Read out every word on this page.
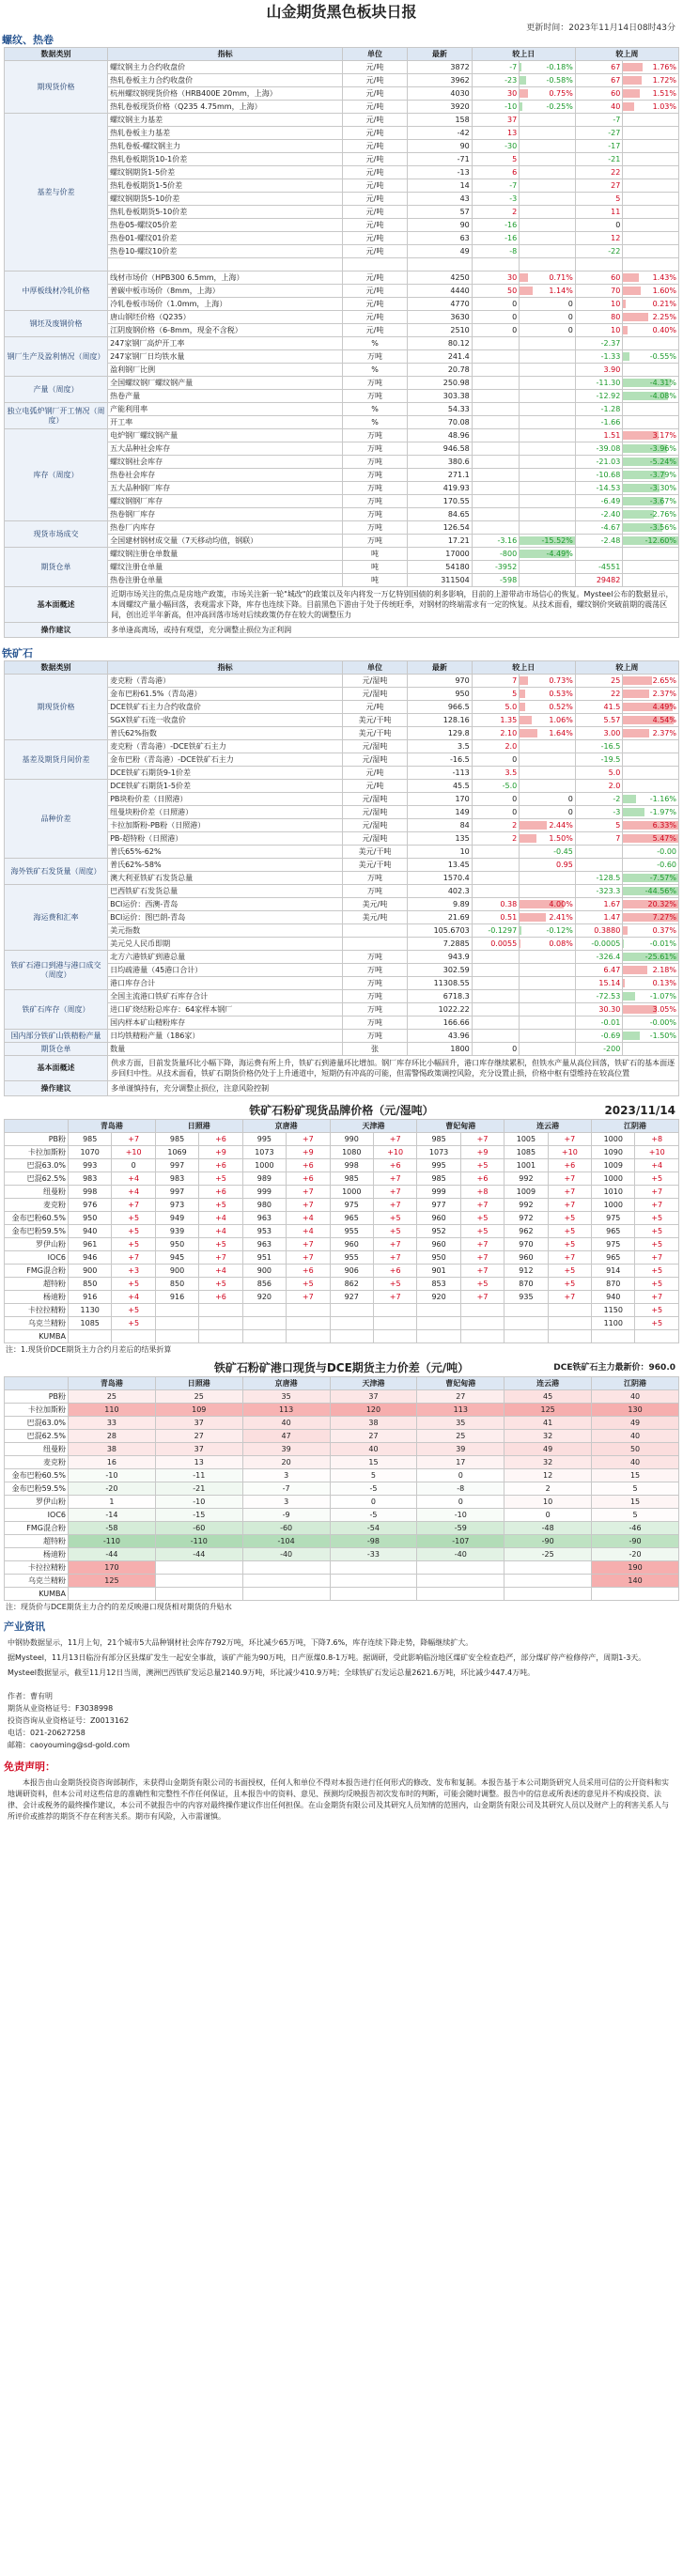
山金期货黑色板块日报
更新时间：2023年11月14日08时43分
螺纹、热卷
数据类别	指标	单位	最新	较上日		较上周	
期现货价格	螺纹钢主力合约收盘价	元/吨	3872	-7	-0.18%	67	1.76%
	热轧卷板主力合约收盘价	元/吨	3962	-23	-0.58%	67	1.72%
	杭州螺纹钢现货价格（HRB400E 20mm，上海）	元/吨	4030	30	0.75%	60	1.51%
	热轧卷板现货价格（Q235 4.75mm，上海）	元/吨	3920	-10	-0.25%	40	1.03%
基差与价差	螺纹钢主力基差	元/吨	158	37		-7	
	热轧卷板主力基差	元/吨	-42	13		-27	
	热轧卷板-螺纹钢主力	元/吨	90	-30		-17	
	热轧卷板期货10-1价差	元/吨	-71	5		-21	
	螺纹钢期货1-5价差	元/吨	-13	6		22	
	热轧卷板期货1-5价差	元/吨	14	-7		27	
	螺纹钢期货5-10价差	元/吨	43	-3		5	
	热轧卷板期货5-10价差	元/吨	57	2		11	
	热卷05-螺纹05价差	元/吨	90	-16		0	
	热卷01-螺纹01价差	元/吨	63	-16		12	
	热卷10-螺纹10价差	元/吨	49	-8		-22	

中厚板线材冷轧价格	线材市场价（HPB300 6.5mm，上海）	元/吨	4250	30	0.71%	60	1.43%
	普碳中板市场价（8mm，上海）	元/吨	4440	50	1.14%	70	1.60%
	冷轧卷板市场价（1.0mm，上海）	元/吨	4770	0	0	10	0.21%
钢坯及废钢价格	唐山钢坯价格（Q235）	元/吨	3630	0	0	80	2.25%
	江阴废钢价格（6-8mm，现金不含税）	元/吨	2510	0	0	10	0.40%
钢厂生产及盈利情况（周度）	247家钢厂高炉开工率	%	80.12			-2.37	
	247家钢厂日均铁水量	万吨	241.4			-1.33	-0.55%
	盈利钢厂比例	%	20.78			3.90	
产量（周度）	全国螺纹钢厂螺纹钢产量	万吨	250.98			-11.30	-4.31%
	热卷产量	万吨	303.38			-12.92	-4.08%
独立电弧炉钢厂开工情况（周度）	产能利用率	%	54.33			-1.28	
	开工率	%	70.08			-1.66	
库存（周度）	电炉钢厂螺纹钢产量	万吨	48.96			1.51	3.17%
	五大品种社会库存	万吨	946.58			-39.08	-3.96%
	螺纹钢社会库存	万吨	380.6			-21.03	-5.24%
	热卷社会库存	万吨	271.1			-10.68	-3.79%
	五大品种钢厂库存	万吨	419.93			-14.53	-3.30%
	螺纹钢钢厂库存	万吨	170.55			-6.49	-3.67%
	热卷钢厂库存	万吨	84.65			-2.40	-2.76%
现货市场成交	热卷厂内库存	万吨	126.54			-4.67	-3.56%
	全国建材钢材成交量（7天移动均值，钢联）	万吨	17.21	-3.16	-15.52%	-2.48	-12.60%
期货仓单	螺纹钢注册仓单数量	吨	17000	-800	-4.49%		
	螺纹注册仓单量	吨	54180	-3952		-4551	
	热卷注册仓单量	吨	311504	-598		29482	
基本面概述	近期市场关注的焦点是房地产政策，市场关注新一轮"城改"的政策以及年内将发一万亿特别国债的利多影响，目前的上游带动市场信心的恢复。Mysteel公布的数据显示，本周螺纹产量小幅回落，表观需求下降，库存也连续下降。目前黑色下游由于处于传统旺季，对钢材的终端需求有一定的恢复。从技术面看，螺纹钢价突破前期的震荡区间，创出近半年新高，但冲高回落市场对后续政策仍存在较大的调整压力						
操作建议	多单逢高离场，或持有观望，充分调整止损位为正利润						
铁矿石
数据类别	指标	单位	最新	较上日		较上周	
期现货价格	麦克粉（青岛港）	元/湿吨	970	7	0.73%	25	2.65%
	金布巴粉61.5%（青岛港）	元/湿吨	950	5	0.53%	22	2.37%
	DCE铁矿石主力合约收盘价	元/吨	966.5	5.0	0.52%	41.5	4.49%
	SGX铁矿石连一收盘价	美元/干吨	128.16	1.35	1.06%	5.57	4.54%
	普氏62%指数	美元/干吨	129.8	2.10	1.64%	3.00	2.37%
基差及期货月间价差	麦克粉（青岛港）-DCE铁矿石主力	元/湿吨	3.5	2.0		-16.5	
	金布巴粉（青岛港）-DCE铁矿石主力	元/湿吨	-16.5	0		-19.5	
	DCE铁矿石期货9-1价差	元/吨	-113	3.5		5.0	
品种价差	DCE铁矿石期货1-5价差	元/吨	45.5	-5.0		2.0	
	PB块粉价差（日照港）	元/湿吨	170	0	0	-2	-1.16%
	纽曼块粉价差（日照港）	元/湿吨	149	0	0	-3	-1.97%
	卡拉加斯粉-PB粉（日照港）	元/湿吨	84	2	2.44%	5	6.33%
	PB-超特粉（日照港）	元/湿吨	135	2	1.50%	7	5.47%
	普氏65%-62%	美元/干吨	10		-0.45		-0.00
海外铁矿石发货量（周度）	普氏62%-58%	美元/干吨	13.45		0.95		-0.60
	澳大利亚铁矿石发货总量	万吨	1570.4			-128.5	-7.57%
海运费和汇率	巴西铁矿石发货总量	万吨	402.3			-323.3	-44.56%
	BCI运价：西澳-青岛	美元/吨	9.89	0.38	4.00%	1.67	20.32%
	BCI运价：图巴朗-青岛	美元/吨	21.69	0.51	2.41%	1.47	7.27%
	美元指数		105.6703	-0.1297	-0.12%	0.3880	0.37%
	美元兑人民币即期		7.2885	0.0055	0.08%	-0.0005	-0.01%
铁矿石港口到港与港口成交（周度）	北方六港铁矿到港总量	万吨	943.9			-326.4	-25.61%
	日均疏港量（45港口合计）	万吨	302.59			6.47	2.18%
	港口库存合计	万吨	11308.55			15.14	0.13%
铁矿石库存（周度）	全国主流港口铁矿石库存合计	万吨	6718.3			-72.53	-1.07%
	进口矿烧结粉总库存：64家样本钢厂	万吨	1022.22			30.30	3.05%
	国内样本矿山精粉库存	万吨	166.66			-0.01	-0.00%
国内部分铁矿山铁精粉产量	日均铁精粉产量（186家）	万吨	43.96			-0.69	-1.50%
期货仓单	数量	张	1800	0		-200	
基本面概述	供求方面，目前发货量环比小幅下降，海运费有所上升，铁矿石到港量环比增加。钢厂库存环比小幅回升，港口库存继续累积，但铁水产量从高位回落，铁矿石的基本面逐步回归中性。从技术面看，铁矿石期货价格仍处于上升通道中，短期仍有冲高的可能，但需警惕政策调控风险，充分设置止损，价格中枢有望维持在较高位置						
操作建议	多单谨慎持有，充分调整止损位，注意风险控制						
铁矿石粉矿现货品牌价格（元/湿吨）	2023/11/14
	青岛港		日照港		京唐港		天津港		曹妃甸港		连云港		江阴港	
PB粉	985	+7	985	+6	995	+7	990	+7	985	+7	1005	+7	1000	+8
卡拉加斯粉	1070	+10	1069	+9	1073	+9	1080	+10	1073	+9	1085	+10	1090	+10
巴混63.0%	993	0	997	+6	1000	+6	998	+6	995	+5	1001	+6	1009	+4
巴混62.5%	983	+4	983	+5	989	+6	985	+7	985	+6	992	+7	1000	+5
纽曼粉	998	+4	997	+6	999	+7	1000	+7	999	+8	1009	+7	1010	+7
麦克粉	976	+7	973	+5	980	+7	975	+7	977	+7	992	+7	1000	+7
金布巴粉60.5%	950	+5	949	+4	963	+4	965	+5	960	+5	972	+5	975	+5
金布巴粉59.5%	940	+5	939	+4	953	+4	955	+5	952	+5	962	+5	965	+5
罗伊山粉	961	+5	950	+5	963	+7	960	+7	960	+7	970	+5	975	+5
IOC6	946	+7	945	+7	951	+7	955	+7	950	+7	960	+7	965	+7
FMG混合粉	900	+3	900	+4	900	+6	906	+6	901	+7	912	+5	914	+5
超特粉	850	+5	850	+5	856	+5	862	+5	853	+5	870	+5	870	+5
杨迪粉	916	+4	916	+6	920	+7	927	+7	920	+7	935	+7	940	+7
卡拉拉精粉	1130	+5											1150	+5
乌克兰精粉	1085	+5											1100	+5
KUMBA														
注：1.现货价DCE期货主力合约月差后的结果折算
铁矿石粉矿港口现货与DCE期货主力价差（元/吨）	DCE铁矿石主力最新价：960.0
	青岛港	日照港	京唐港	天津港	曹妃甸港	连云港	江阴港
PB粉	25	25	35	37	27	45	40
卡拉加斯粉	110	109	113	120	113	125	130
巴混63.0%	33	37	40	38	35	41	49
巴混62.5%	28	27	47	27	25	32	40
纽曼粉	38	37	39	40	39	49	50
麦克粉	16	13	20	15	17	32	40
金布巴粉60.5%	-10	-11	3	5	0	12	15
金布巴粉59.5%	-20	-21	-7	-5	-8	2	5
罗伊山粉	1	-10	3	0	0	10	15
IOC6	-14	-15	-9	-5	-10	0	5
FMG混合粉	-58	-60	-60	-54	-59	-48	-46
超特粉	-110	-110	-104	-98	-107	-90	-90
杨迪粉	-44	-44	-40	-33	-40	-25	-20
卡拉拉精粉	170						190
乌克兰精粉	125						140
KUMBA							
注：现货价与DCE期货主力合约的差反映港口现货相对期货的升贴水
产业资讯
中钢协数据显示，11月上旬，21个城市5大品种钢材社会库存792万吨，环比减少65万吨，下降7.6%，库存连续下降走势，降幅继续扩大。
据Mysteel，11月13日临汾有部分区县煤矿发生一起安全事故，该矿产能为90万吨，日产原煤0.8-1万吨。据调研，受此影响临汾地区煤矿安全检查趋严，部分煤矿停产检修停产，周期1-3天。
Mysteel数据显示，截至11月12日当周，澳洲巴西铁矿发运总量2140.9万吨，环比减少410.9万吨；全球铁矿石发运总量2621.6万吨，环比减少447.4万吨。
作者：曹有明
期货从业资格证号：F3038998
投资咨询从业资格证号：Z0013162
电话：021-20627258
邮箱：caoyouming@sd-gold.com
免责声明：
本报告由山金期货投资咨询部制作，未获得山金期货有限公司的书面授权，任何人和单位不得对本报告进行任何形式的修改、发布和复制。本报告基于本公司期货研究人员采用可信的公开资料和实地调研资料，但本公司对这些信息的准确性和完整性不作任何保证，且本报告中的资料、意见、预测均反映报告初次发布时的判断，可能会随时调整。报告中的信息或所表述的意见并不构成投资、法律、会计或税务的最终操作建议，本公司不就报告中的内容对最终操作建议作出任何担保。在山金期货有限公司及其研究人员知情的范围内，山金期货有限公司及其研究人员以及财产上的利害关系人与所评价或推荐的期货不存在利害关系。期市有风险，入市需谨慎。
